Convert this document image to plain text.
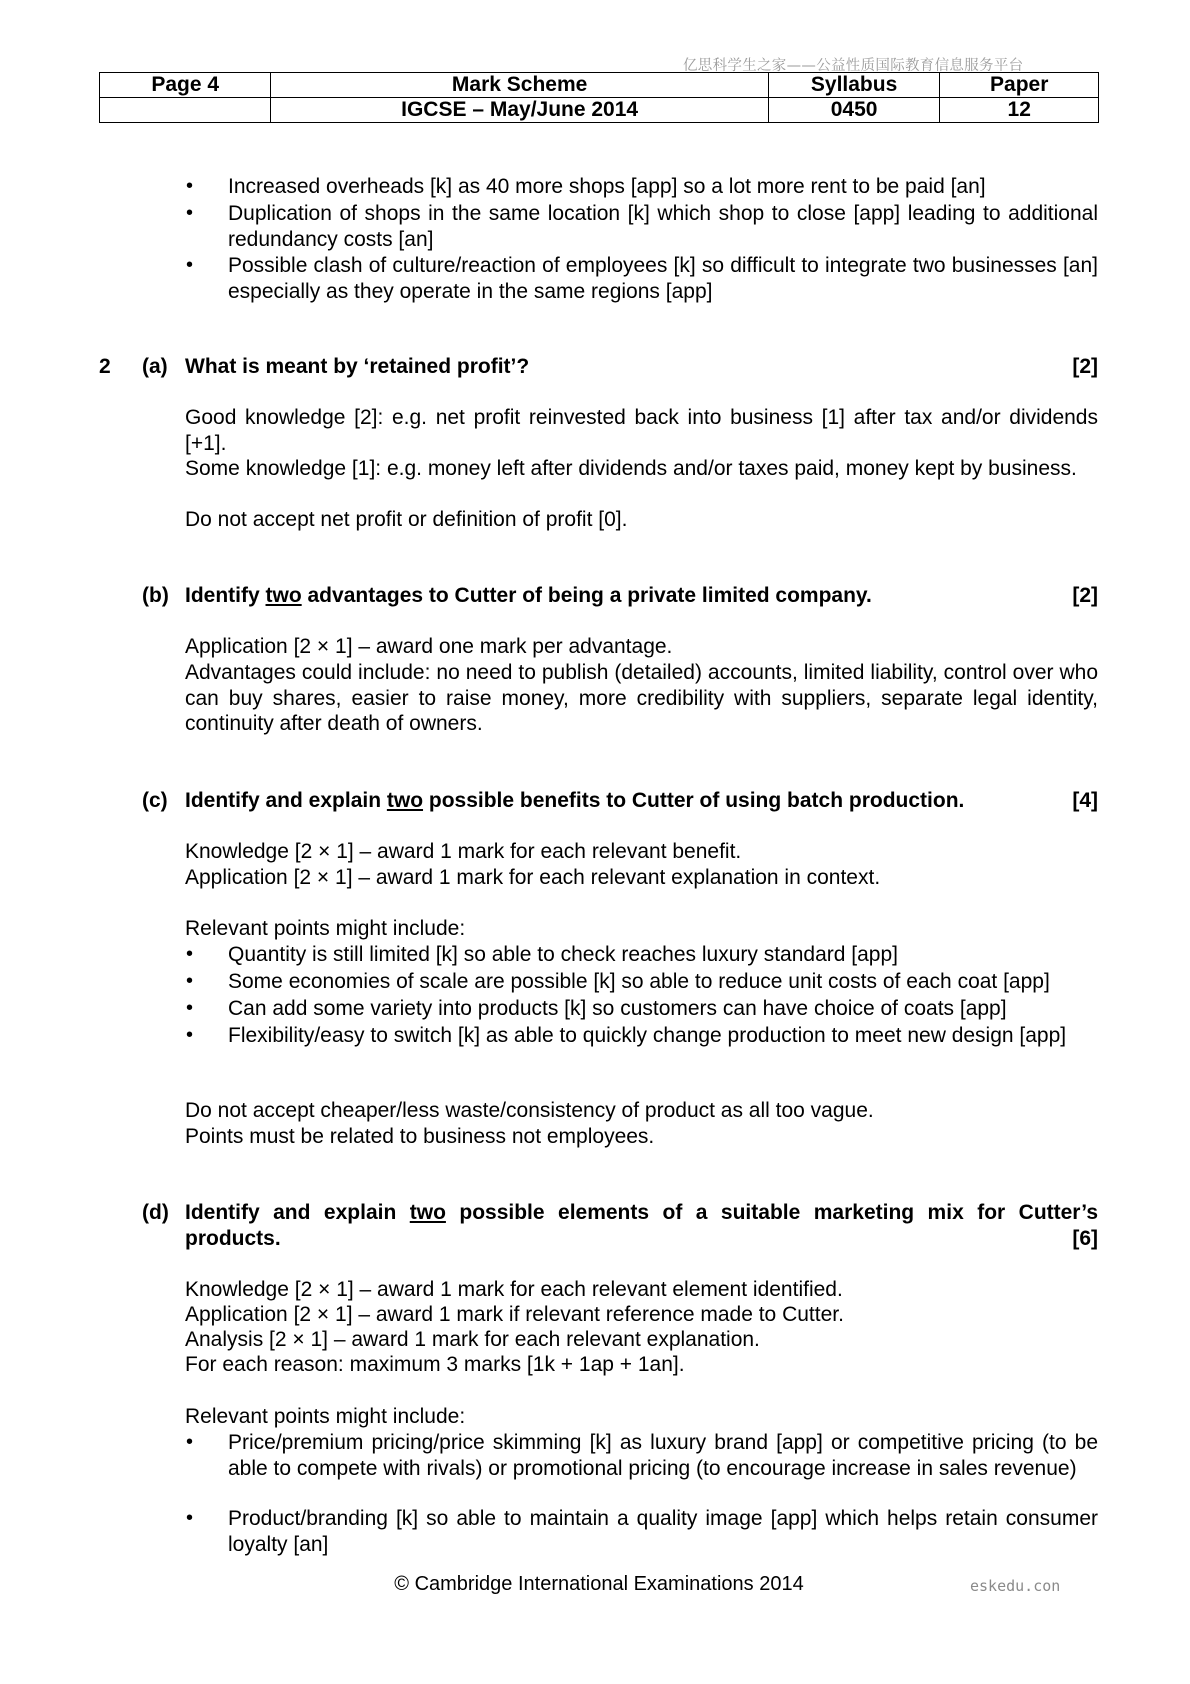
亿思科学生之家——公益性质国际教育信息服务平台
Page 4	Mark Scheme	Syllabus	Paper
	IGCSE – May/June 2014	0450	12
• Increased overheads [k] as 40 more shops [app] so a lot more rent to be paid [an]
• Duplication of shops in the same location [k] which shop to close [app] leading to additional redundancy costs [an]
• Possible clash of culture/reaction of employees [k] so difficult to integrate two businesses [an] especially as they operate in the same regions [app]
2 (a) What is meant by ‘retained profit’?	[2]
Good knowledge [2]: e.g. net profit reinvested back into business [1] after tax and/or dividends [+1].
Some knowledge [1]: e.g. money left after dividends and/or taxes paid, money kept by business.
Do not accept net profit or definition of profit [0].
(b) Identify two advantages to Cutter of being a private limited company.	[2]
Application [2 × 1] – award one mark per advantage.
Advantages could include: no need to publish (detailed) accounts, limited liability, control over who can buy shares, easier to raise money, more credibility with suppliers, separate legal identity, continuity after death of owners.
(c) Identify and explain two possible benefits to Cutter of using batch production.	[4]
Knowledge [2 × 1] – award 1 mark for each relevant benefit.
Application [2 × 1] – award 1 mark for each relevant explanation in context.
Relevant points might include:
• Quantity is still limited [k] so able to check reaches luxury standard [app]
• Some economies of scale are possible [k] so able to reduce unit costs of each coat [app]
• Can add some variety into products [k] so customers can have choice of coats [app]
• Flexibility/easy to switch [k] as able to quickly change production to meet new design [app]
Do not accept cheaper/less waste/consistency of product as all too vague.
Points must be related to business not employees.
(d) Identify and explain two possible elements of a suitable marketing mix for Cutter’s products.	[6]
Knowledge [2 × 1] – award 1 mark for each relevant element identified.
Application [2 × 1] – award 1 mark if relevant reference made to Cutter.
Analysis [2 × 1] – award 1 mark for each relevant explanation.
For each reason: maximum 3 marks [1k + 1ap + 1an].
Relevant points might include:
• Price/premium pricing/price skimming [k] as luxury brand [app] or competitive pricing (to be able to compete with rivals) or promotional pricing (to encourage increase in sales revenue)
• Product/branding [k] so able to maintain a quality image [app] which helps retain consumer loyalty [an]
© Cambridge International Examinations 2014	eskedu.con
